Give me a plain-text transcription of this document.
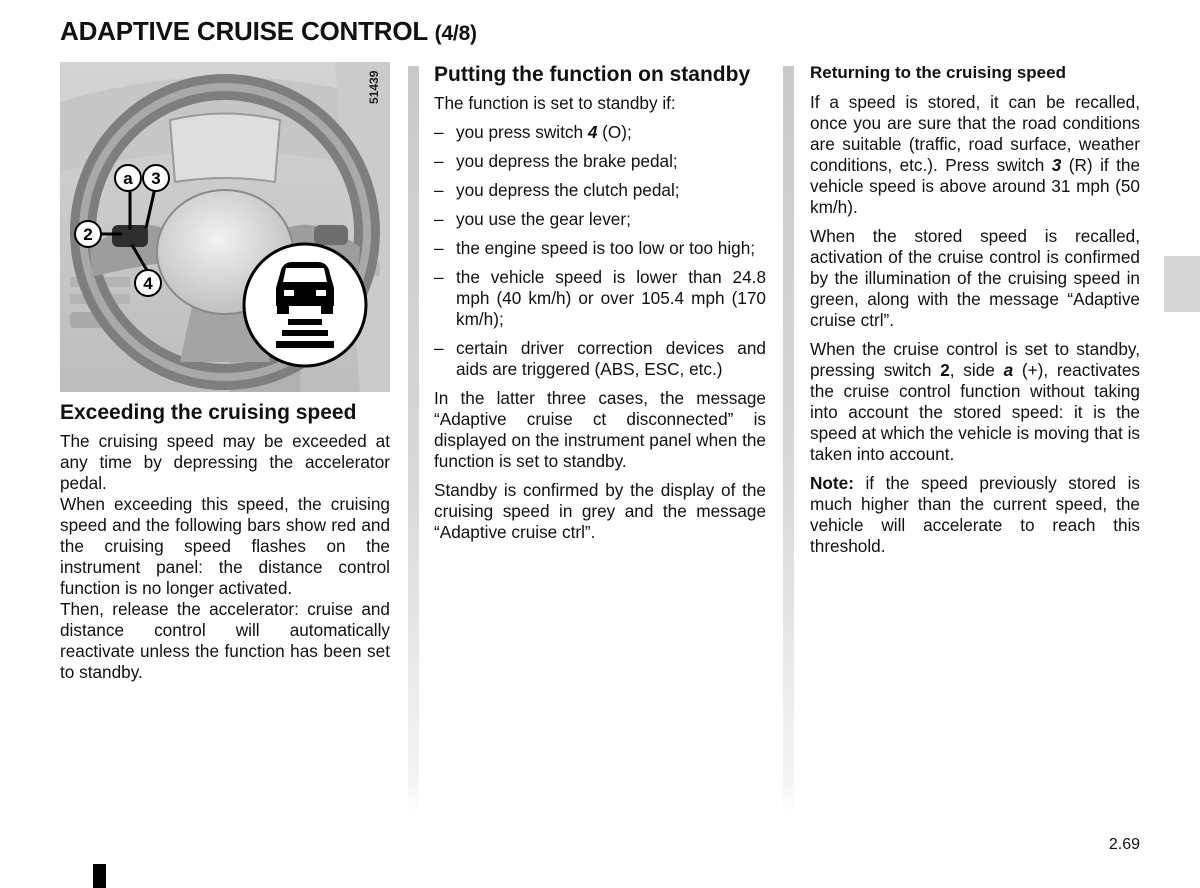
ADAPTIVE CRUISE CONTROL (4/8)
51439
a 3
2
4
Exceeding the cruising speed

The cruising speed may be exceeded at any time by depressing the accelerator pedal.

When exceeding this speed, the cruising speed and the following bars show red and the cruising speed flashes on the instrument panel: the distance control function is no longer activated.

Then, release the accelerator: cruise and distance control will automatically reactivate unless the function has been set to standby.

Putting the function on standby

The function is set to standby if:

– you press switch 4 (O);
– you depress the brake pedal;
– you depress the clutch pedal;
– you use the gear lever;
– the engine speed is too low or too high;
– the vehicle speed is lower than 24.8 mph (40 km/h) or over 105.4 mph (170 km/h);
– certain driver correction devices and aids are triggered (ABS, ESC, etc.)

In the latter three cases, the message “Adaptive cruise ct disconnected” is displayed on the instrument panel when the function is set to standby.

Standby is confirmed by the display of the cruising speed in grey and the message “Adaptive cruise ctrl”.

Returning to the cruising speed

If a speed is stored, it can be recalled, once you are sure that the road conditions are suitable (traffic, road surface, weather conditions, etc.). Press switch 3 (R) if the vehicle speed is above around 31 mph (50 km/h).

When the stored speed is recalled, activation of the cruise control is confirmed by the illumination of the cruising speed in green, along with the message “Adaptive cruise ctrl”.

When the cruise control is set to standby, pressing switch 2, side a (+), reactivates the cruise control function without taking into account the stored speed: it is the speed at which the vehicle is moving that is taken into account.

Note: if the speed previously stored is much higher than the current speed, the vehicle will accelerate to reach this threshold.

2.69
